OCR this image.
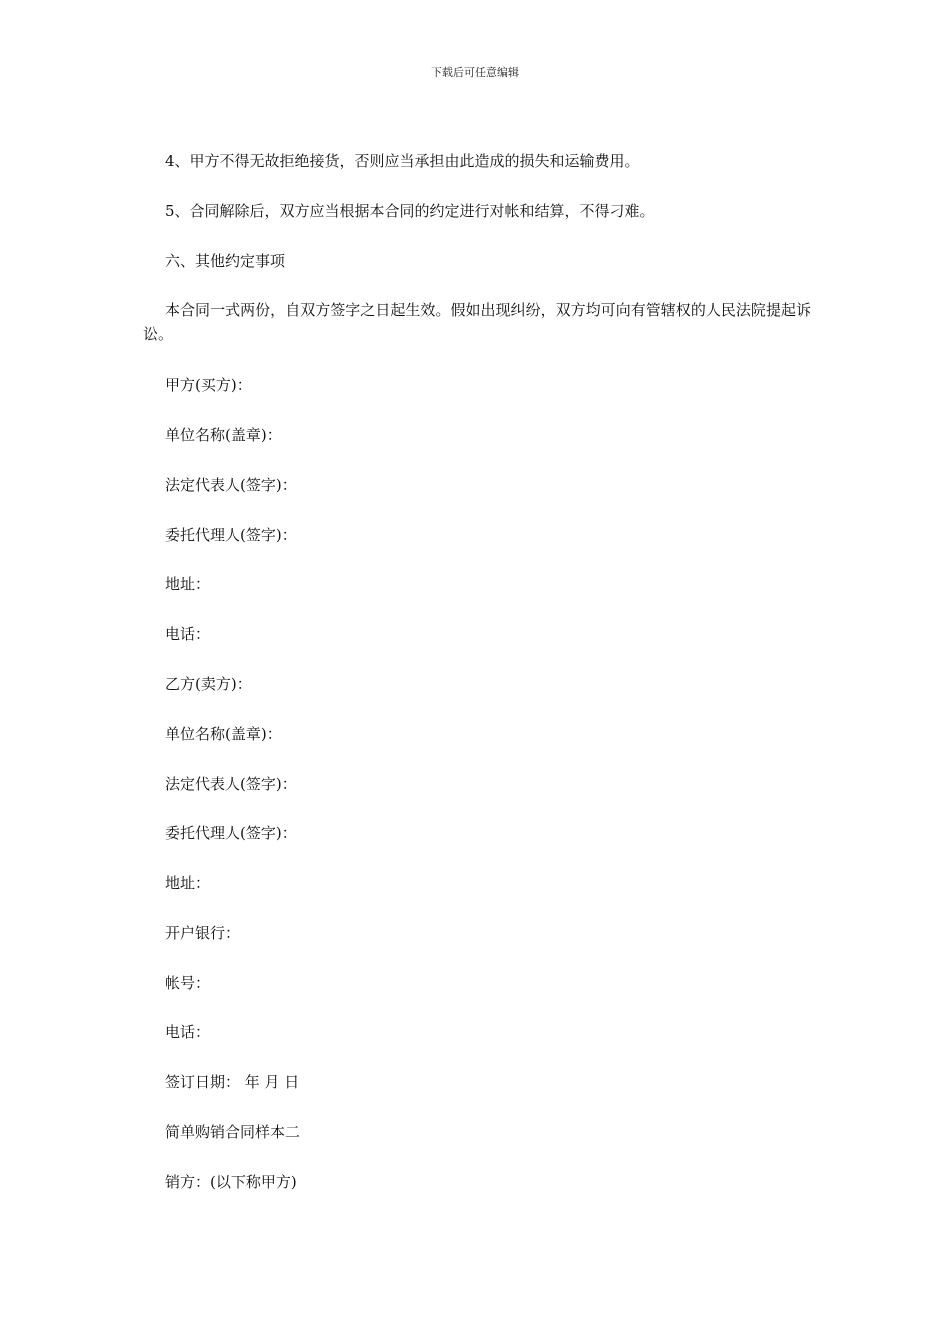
下载后可任意编辑
4、甲方不得无故拒绝接货，否则应当承担由此造成的损失和运输费用。
5、合同解除后，双方应当根据本合同的约定进行对帐和结算，不得刁难。
六、其他约定事项
本合同一式两份，自双方签字之日起生效。假如出现纠纷，双方均可向有管辖权的人民法院提起诉讼。
甲方(买方)：
单位名称(盖章)：
法定代表人(签字)：
委托代理人(签字)：
地址：
电话：
乙方(卖方)：
单位名称(盖章)：
法定代表人(签字)：
委托代理人(签字)：
地址：
开户银行：
帐号：
电话：
签订日期： 年 月 日
简单购销合同样本二
销方：(以下称甲方)
